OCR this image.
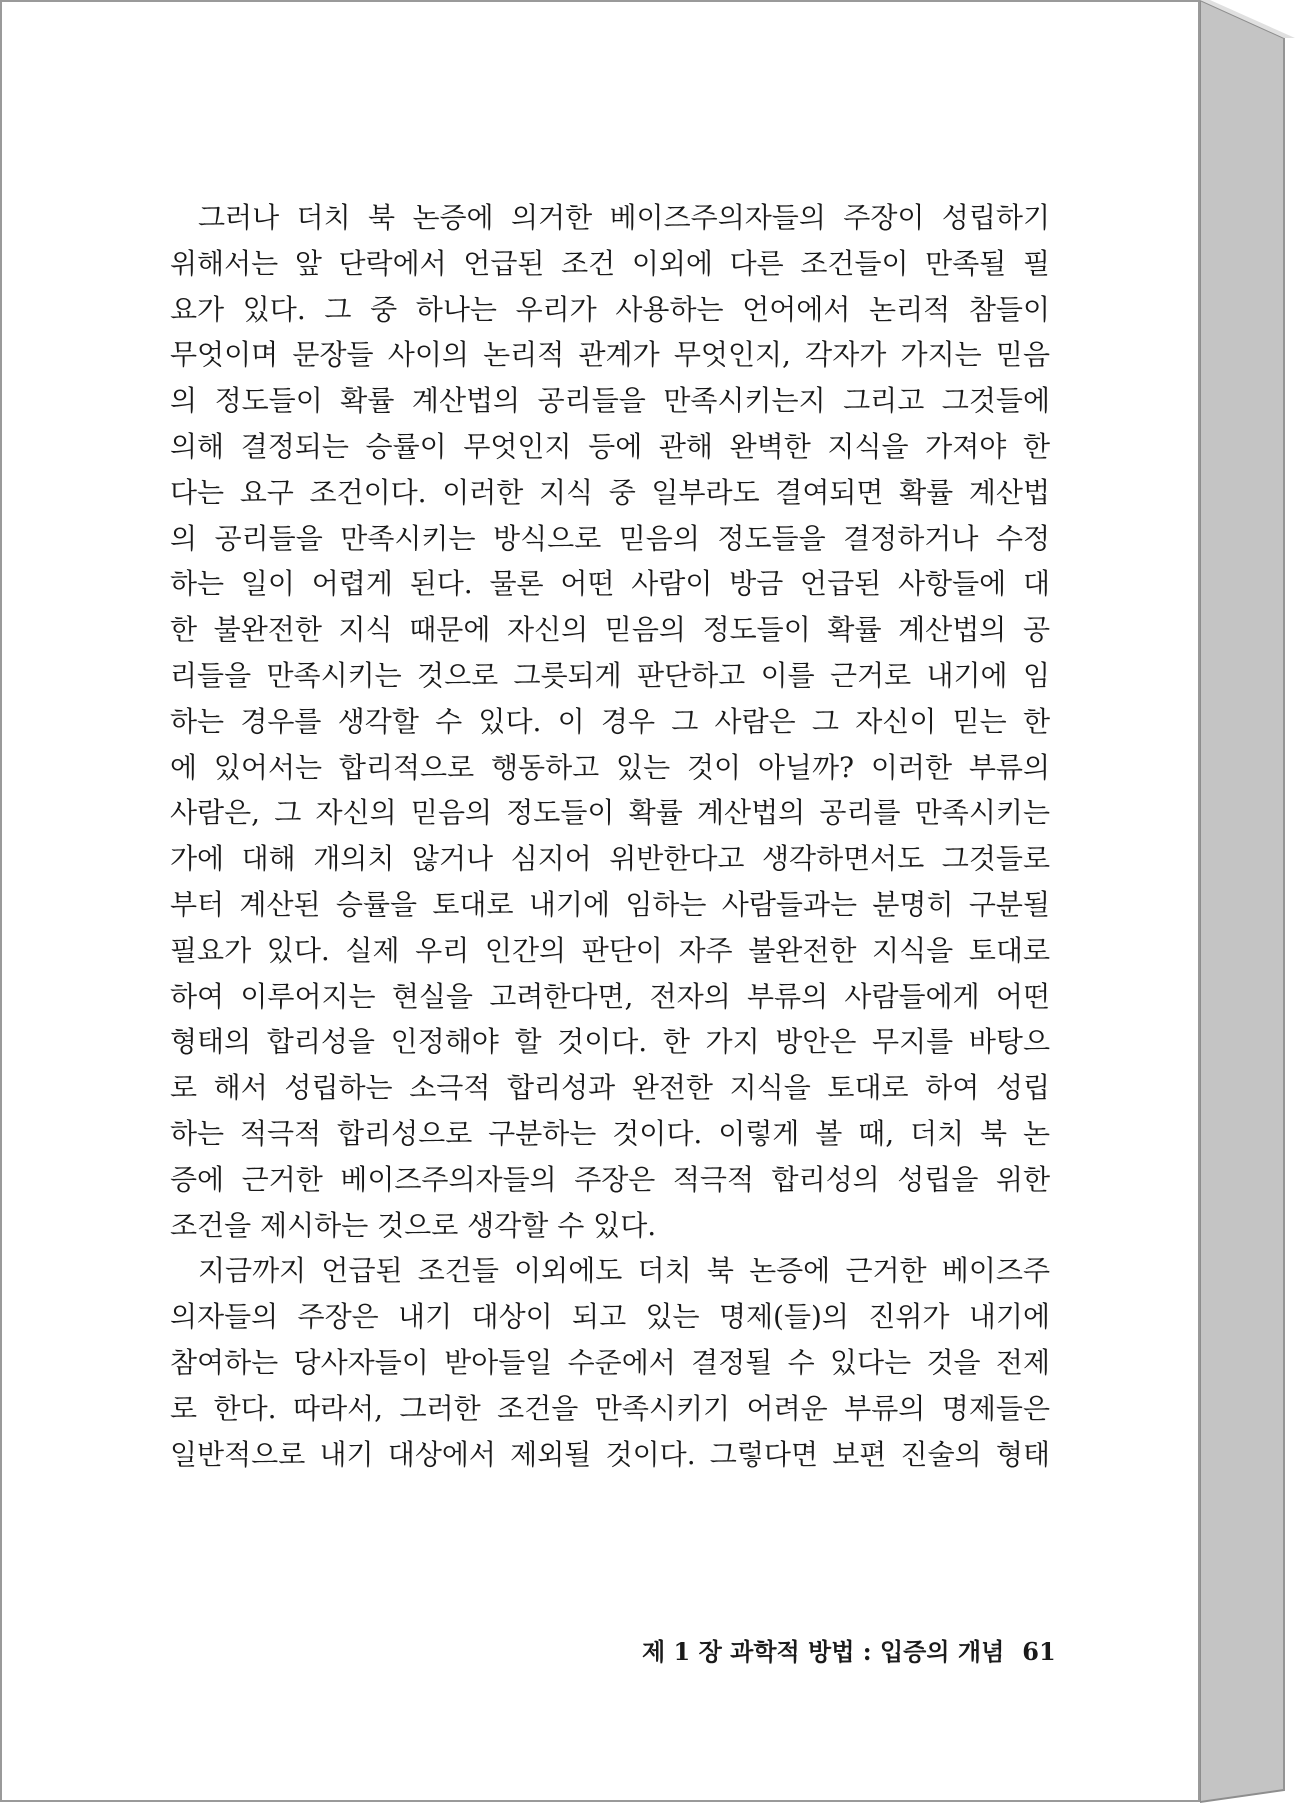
그러나 더치 북 논증에 의거한 베이즈주의자들의 주장이 성립하기
위해서는 앞 단락에서 언급된 조건 이외에 다른 조건들이 만족될 필
요가 있다. 그 중 하나는 우리가 사용하는 언어에서 논리적 참들이
무엇이며 문장들 사이의 논리적 관계가 무엇인지, 각자가 가지는 믿음
의 정도들이 확률 계산법의 공리들을 만족시키는지 그리고 그것들에
의해 결정되는 승률이 무엇인지 등에 관해 완벽한 지식을 가져야 한
다는 요구 조건이다. 이러한 지식 중 일부라도 결여되면 확률 계산법
의 공리들을 만족시키는 방식으로 믿음의 정도들을 결정하거나 수정
하는 일이 어렵게 된다. 물론 어떤 사람이 방금 언급된 사항들에 대
한 불완전한 지식 때문에 자신의 믿음의 정도들이 확률 계산법의 공
리들을 만족시키는 것으로 그릇되게 판단하고 이를 근거로 내기에 임
하는 경우를 생각할 수 있다. 이 경우 그 사람은 그 자신이 믿는 한
에 있어서는 합리적으로 행동하고 있는 것이 아닐까? 이러한 부류의
사람은, 그 자신의 믿음의 정도들이 확률 계산법의 공리를 만족시키는
가에 대해 개의치 않거나 심지어 위반한다고 생각하면서도 그것들로
부터 계산된 승률을 토대로 내기에 임하는 사람들과는 분명히 구분될
필요가 있다. 실제 우리 인간의 판단이 자주 불완전한 지식을 토대로
하여 이루어지는 현실을 고려한다면, 전자의 부류의 사람들에게 어떤
형태의 합리성을 인정해야 할 것이다. 한 가지 방안은 무지를 바탕으
로 해서 성립하는 소극적 합리성과 완전한 지식을 토대로 하여 성립
하는 적극적 합리성으로 구분하는 것이다. 이렇게 볼 때, 더치 북 논
증에 근거한 베이즈주의자들의 주장은 적극적 합리성의 성립을 위한
조건을 제시하는 것으로 생각할 수 있다.
지금까지 언급된 조건들 이외에도 더치 북 논증에 근거한 베이즈주
의자들의 주장은 내기 대상이 되고 있는 명제(들)의 진위가 내기에
참여하는 당사자들이 받아들일 수준에서 결정될 수 있다는 것을 전제
로 한다. 따라서, 그러한 조건을 만족시키기 어려운 부류의 명제들은
일반적으로 내기 대상에서 제외될 것이다. 그렇다면 보편 진술의 형태
제 1 장 과학적 방법 : 입증의 개념 61
